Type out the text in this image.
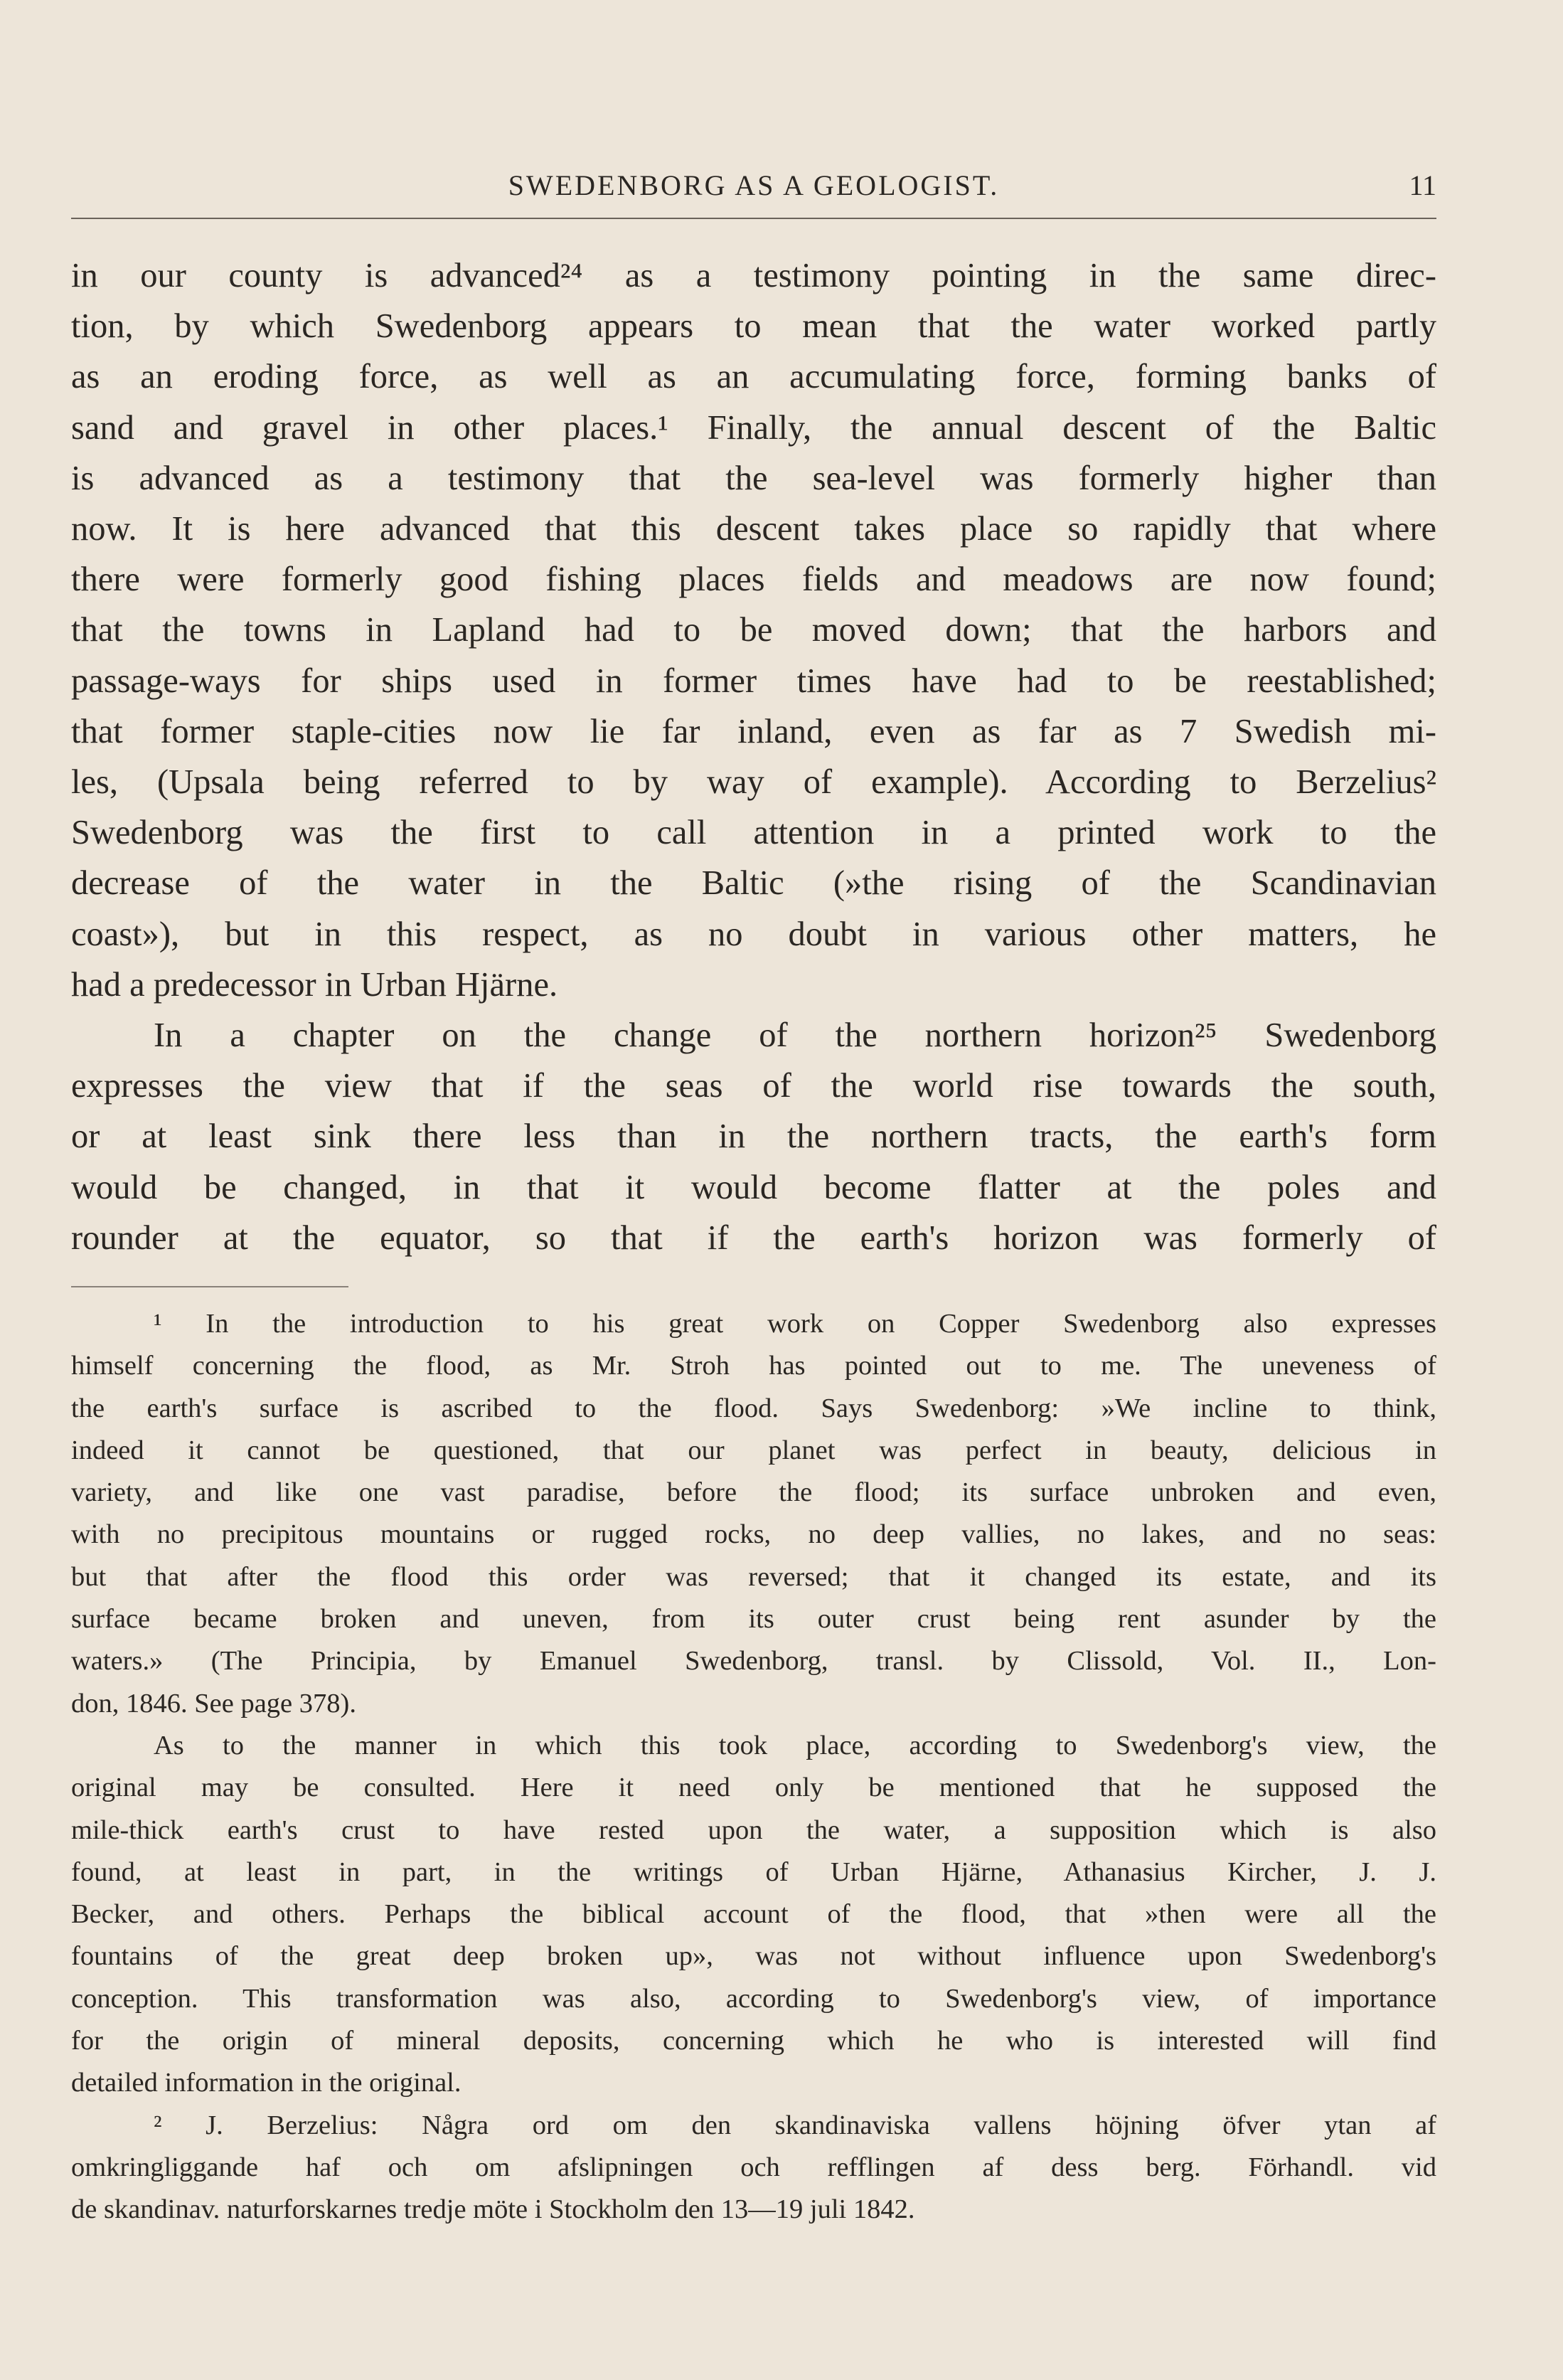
SWEDENBORG AS A GEOLOGIST.	11

in our county is advanced²⁴ as a testimony pointing in the same direc-

tion, by which Swedenborg appears to mean that the water worked partly

as an eroding force, as well as an accumulating force, forming banks of

sand and gravel in other places.¹ Finally, the annual descent of the Baltic

is advanced as a testimony that the sea-level was formerly higher than

now. It is here advanced that this descent takes place so rapidly that where

there were formerly good fishing places fields and meadows are now found;

that the towns in Lapland had to be moved down; that the harbors and

passage-ways for ships used in former times have had to be reestablished;

that former staple-cities now lie far inland, even as far as 7 Swedish mi-

les, (Upsala being referred to by way of example). According to Berzelius²

Swedenborg was the first to call attention in a printed work to the

decrease of the water in the Baltic (»the rising of the Scandinavian

coast»), but in this respect, as no doubt in various other matters, he

had a predecessor in Urban Hjärne.

In a chapter on the change of the northern horizon²⁵ Swedenborg

expresses the view that if the seas of the world rise towards the south,

or at least sink there less than in the northern tracts, the earth's form

would be changed, in that it would become flatter at the poles and

rounder at the equator, so that if the earth's horizon was formerly of

¹ In the introduction to his great work on Copper Swedenborg also expresses

himself concerning the flood, as Mr. Stroh has pointed out to me. The uneveness of

the earth's surface is ascribed to the flood. Says Swedenborg: »We incline to think,

indeed it cannot be questioned, that our planet was perfect in beauty, delicious in

variety, and like one vast paradise, before the flood; its surface unbroken and even,

with no precipitous mountains or rugged rocks, no deep vallies, no lakes, and no seas:

but that after the flood this order was reversed; that it changed its estate, and its

surface became broken and uneven, from its outer crust being rent asunder by the

waters.» (The Principia, by Emanuel Swedenborg, transl. by Clissold, Vol. II., Lon-

don, 1846. See page 378).

As to the manner in which this took place, according to Swedenborg's view, the

original may be consulted. Here it need only be mentioned that he supposed the

mile-thick earth's crust to have rested upon the water, a supposition which is also

found, at least in part, in the writings of Urban Hjärne, Athanasius Kircher, J. J.

Becker, and others. Perhaps the biblical account of the flood, that »then were all the

fountains of the great deep broken up», was not without influence upon Swedenborg's

conception. This transformation was also, according to Swedenborg's view, of importance

for the origin of mineral deposits, concerning which he who is interested will find

detailed information in the original.

² J. Berzelius: Några ord om den skandinaviska vallens höjning öfver ytan af

omkringliggande haf och om afslipningen och refflingen af dess berg. Förhandl. vid

de skandinav. naturforskarnes tredje möte i Stockholm den 13—19 juli 1842.
